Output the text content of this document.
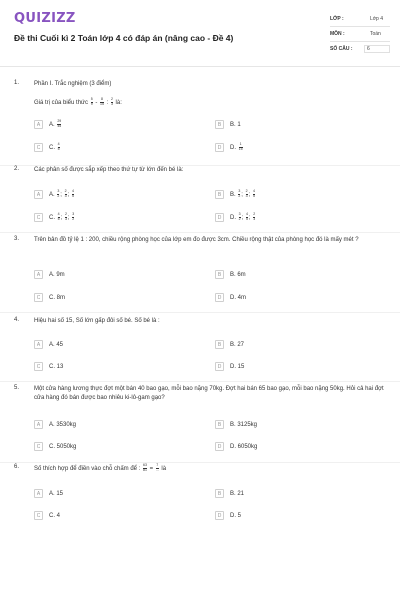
QUIZIZZ
Đề thi Cuối kì 2 Toán lớp 4 có đáp án (nâng cao - Đề 4)
LỚP :	Lớp 4
MÔN :	Toán
SỐ CÂU :	6
1. Phần I. Trắc nghiệm (3 điểm)
Giá trị của biểu thức $\frac{5}{9} - \frac{8}{15}$ : $\frac{2}{3}$ là:
A	A. $\frac{29}{45}$	B	B. 1
C	C. $\frac{4}{5}$	D	D. $\frac{1}{15}$
2. Các phân số được sắp xếp theo thứ tự từ lớn đến bé là:
A	A. $\frac{3}{2}$ ; $\frac{2}{3}$ ; $\frac{4}{5}$	B	B. $\frac{3}{2}$ ; $\frac{2}{3}$ ; $\frac{4}{5}$
C	C. $\frac{4}{5}$ ; $\frac{2}{3}$ ; $\frac{3}{2}$	D	D. $\frac{3}{2}$ ; $\frac{4}{5}$ ; $\frac{2}{3}$
3. Trên bản đồ tỷ lệ 1 : 200, chiều rộng phòng học của lớp em đo được 3cm. Chiều rộng thật của phòng học đó là mấy mét ?
A	A. 9m	B	B. 6m
C	C. 8m	D	D. 4m
4. Hiệu hai số 15, Số lớn gấp đôi số bé. Số bé là :
A	A. 45	B	B. 27
C	C. 13	D	D. 15
5. Một cửa hàng lương thực đợt một bán 40 bao gạo, mỗi bao nặng 70kg. Đợt hai bán 65 bao gạo, mỗi bao nặng 50kg. Hỏi cả hai đợt cửa hàng đó bán được bao nhiêu ki-lô-gam gạo?
A	A. 3530kg	B	B. 3125kg
C	C. 5050kg	D	D. 6050kg
6. Số thích hợp để điền vào chỗ chấm để : $\frac{63}{81} = \frac{7}{...}$ là
A	A. 15	B	B. 21
C	C. 4	D	D. 5
